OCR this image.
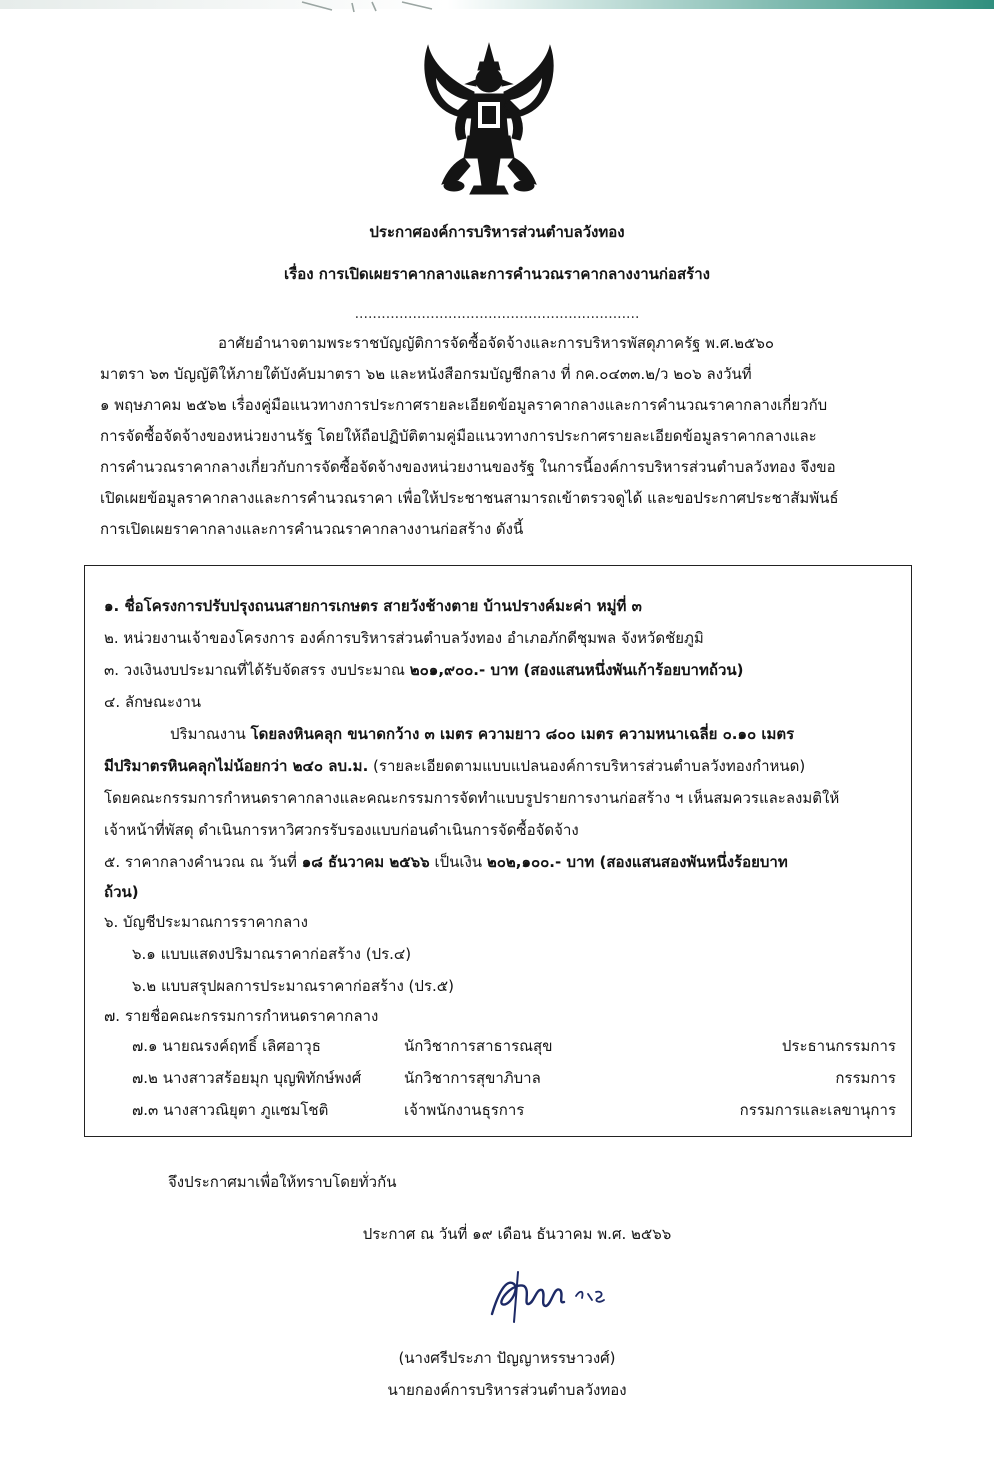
ประกาศองค์การบริหารส่วนตำบลวังทอง
เรื่อง การเปิดเผยราคากลางและการคำนวณราคากลางงานก่อสร้าง
................................................................
อาศัยอำนาจตามพระราชบัญญัติการจัดซื้อจัดจ้างและการบริหารพัสดุภาครัฐ พ.ศ.๒๕๖๐
มาตรา ๖๓ บัญญัติให้ภายใต้บังคับมาตรา ๖๒ และหนังสือกรมบัญชีกลาง ที่ กค.๐๔๓๓.๒/ว ๒๐๖ ลงวันที่
๑ พฤษภาคม ๒๕๖๒ เรื่องคู่มือแนวทางการประกาศรายละเอียดข้อมูลราคากลางและการคำนวณราคากลางเกี่ยวกับ
การจัดซื้อจัดจ้างของหน่วยงานรัฐ โดยให้ถือปฏิบัติตามคู่มือแนวทางการประกาศรายละเอียดข้อมูลราคากลางและ
การคำนวณราคากลางเกี่ยวกับการจัดซื้อจัดจ้างของหน่วยงานของรัฐ ในการนี้องค์การบริหารส่วนตำบลวังทอง จึงขอ
เปิดเผยข้อมูลราคากลางและการคำนวณราคา เพื่อให้ประชาชนสามารถเข้าตรวจดูได้ และขอประกาศประชาสัมพันธ์
การเปิดเผยราคากลางและการคำนวณราคากลางงานก่อสร้าง ดังนี้
๑. ชื่อโครงการปรับปรุงถนนสายการเกษตร สายวังช้างตาย บ้านปรางค์มะค่า หมู่ที่ ๓
๒. หน่วยงานเจ้าของโครงการ องค์การบริหารส่วนตำบลวังทอง อำเภอภักดีชุมพล จังหวัดชัยภูมิ
๓. วงเงินงบประมาณที่ได้รับจัดสรร งบประมาณ ๒๐๑,๙๐๐.- บาท (สองแสนหนึ่งพันเก้าร้อยบาทถ้วน)
๔. ลักษณะงาน
ปริมาณงาน โดยลงหินคลุก ขนาดกว้าง ๓ เมตร ความยาว ๘๐๐ เมตร ความหนาเฉลี่ย ๐.๑๐ เมตร
มีปริมาตรหินคลุกไม่น้อยกว่า ๒๔๐ ลบ.ม. (รายละเอียดตามแบบแปลนองค์การบริหารส่วนตำบลวังทองกำหนด)
โดยคณะกรรมการกำหนดราคากลางและคณะกรรมการจัดทำแบบรูปรายการงานก่อสร้าง ฯ เห็นสมควรและลงมติให้
เจ้าหน้าที่พัสดุ ดำเนินการหาวิศวกรรับรองแบบก่อนดำเนินการจัดซื้อจัดจ้าง
๕. ราคากลางคำนวณ ณ วันที่ ๑๘ ธันวาคม ๒๕๖๖ เป็นเงิน ๒๐๒,๑๐๐.- บาท (สองแสนสองพันหนึ่งร้อยบาท
ถ้วน)
๖. บัญชีประมาณการราคากลาง
๖.๑ แบบแสดงปริมาณราคาก่อสร้าง (ปร.๔)
๖.๒ แบบสรุปผลการประมาณราคาก่อสร้าง (ปร.๕)
๗. รายชื่อคณะกรรมการกำหนดราคากลาง
๗.๑ นายณรงค์ฤทธิ์ เลิศอาวุธ	นักวิชาการสาธารณสุข	ประธานกรรมการ
๗.๒ นางสาวสร้อยมุก บุญพิทักษ์พงศ์	นักวิชาการสุขาภิบาล	กรรมการ
๗.๓ นางสาวณิยุตา ภูแซมโชติ	เจ้าพนักงานธุรการ	กรรมการและเลขานุการ
จึงประกาศมาเพื่อให้ทราบโดยทั่วกัน
ประกาศ ณ วันที่ ๑๙ เดือน ธันวาคม พ.ศ. ๒๕๖๖
(นางศรีประภา ปัญญาหรรษาวงศ์)
นายกองค์การบริหารส่วนตำบลวังทอง
